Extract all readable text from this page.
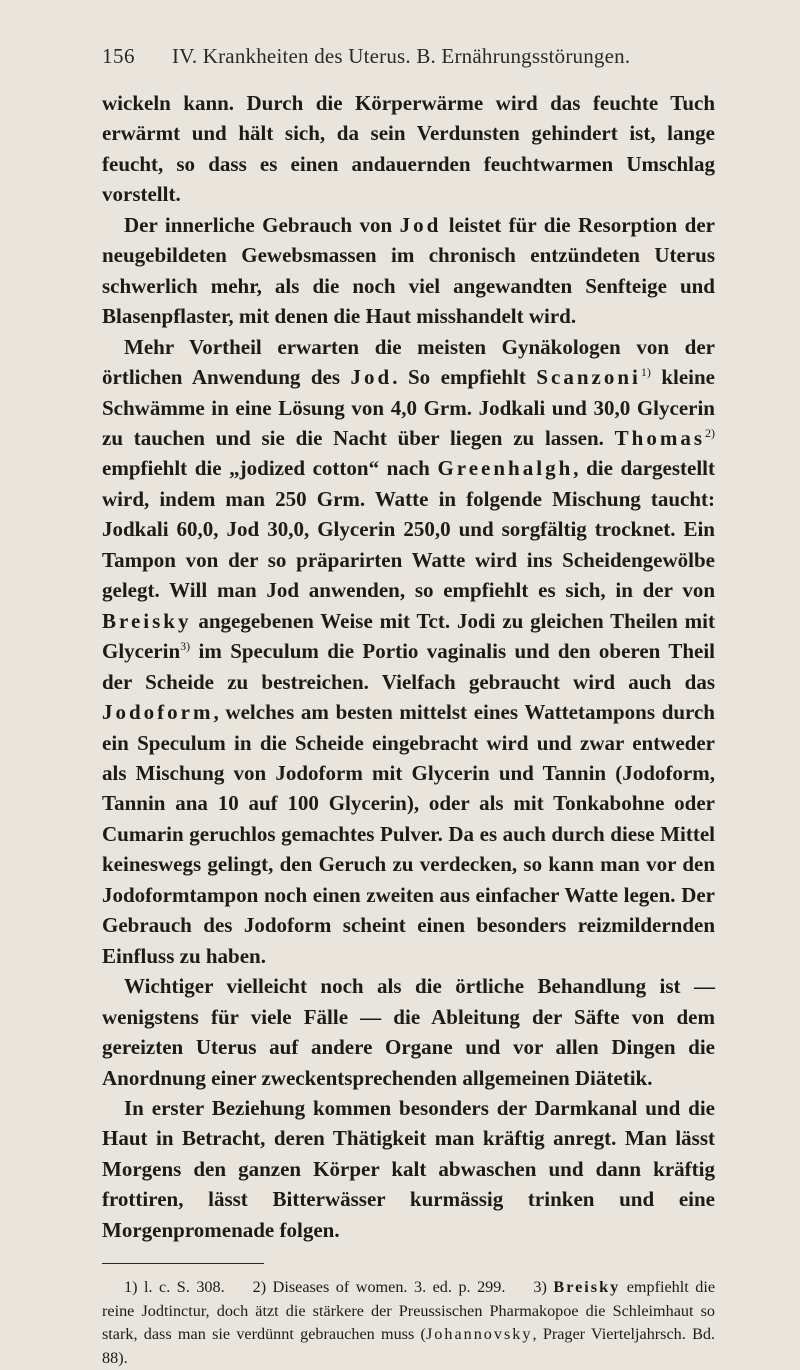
156	IV. Krankheiten des Uterus. B. Ernährungsstörungen.

wickeln kann. Durch die Körperwärme wird das feuchte Tuch erwärmt und hält sich, da sein Verdunsten gehindert ist, lange feucht, so dass es einen andauernden feuchtwarmen Umschlag vorstellt.

Der innerliche Gebrauch von Jod leistet für die Resorption der neugebildeten Gewebsmassen im chronisch entzündeten Uterus schwerlich mehr, als die noch viel angewandten Senfteige und Blasenpflaster, mit denen die Haut misshandelt wird.

Mehr Vortheil erwarten die meisten Gynäkologen von der örtlichen Anwendung des Jod. So empfiehlt Scanzoni$^{1)}$ kleine Schwämme in eine Lösung von 4,0 Grm. Jodkali und 30,0 Glycerin zu tauchen und sie die Nacht über liegen zu lassen. Thomas$^{2)}$ empfiehlt die „jodized cotton“ nach Greenhalgh, die dargestellt wird, indem man 250 Grm. Watte in folgende Mischung taucht: Jodkali 60,0, Jod 30,0, Glycerin 250,0 und sorgfältig trocknet. Ein Tampon von der so präparirten Watte wird ins Scheidengewölbe gelegt. Will man Jod anwenden, so empfiehlt es sich, in der von Breisky angegebenen Weise mit Tct. Jodi zu gleichen Theilen mit Glycerin$^{3)}$ im Speculum die Portio vaginalis und den oberen Theil der Scheide zu bestreichen. Vielfach gebraucht wird auch das Jodoform, welches am besten mittelst eines Wattetampons durch ein Speculum in die Scheide eingebracht wird und zwar entweder als Mischung von Jodoform mit Glycerin und Tannin (Jodoform, Tannin ana 10 auf 100 Glycerin), oder als mit Tonkabohne oder Cumarin geruchlos gemachtes Pulver. Da es auch durch diese Mittel keineswegs gelingt, den Geruch zu verdecken, so kann man vor den Jodoformtampon noch einen zweiten aus einfacher Watte legen. Der Gebrauch des Jodoform scheint einen besonders reizmildernden Einfluss zu haben.

Wichtiger vielleicht noch als die örtliche Behandlung ist — wenigstens für viele Fälle — die Ableitung der Säfte von dem gereizten Uterus auf andere Organe und vor allen Dingen die Anordnung einer zweckentsprechenden allgemeinen Diätetik.

In erster Beziehung kommen besonders der Darmkanal und die Haut in Betracht, deren Thätigkeit man kräftig anregt. Man lässt Morgens den ganzen Körper kalt abwaschen und dann kräftig frottiren, lässt Bitterwässer kurmässig trinken und eine Morgenpromenade folgen.

1) l. c. S. 308. 2) Diseases of women. 3. ed. p. 299. 3) Breisky empfiehlt die reine Jodtinctur, doch ätzt die stärkere der Preussischen Pharmakopoe die Schleimhaut so stark, dass man sie verdünnt gebrauchen muss (Johannovsky, Prager Vierteljahrsch. Bd. 88).
